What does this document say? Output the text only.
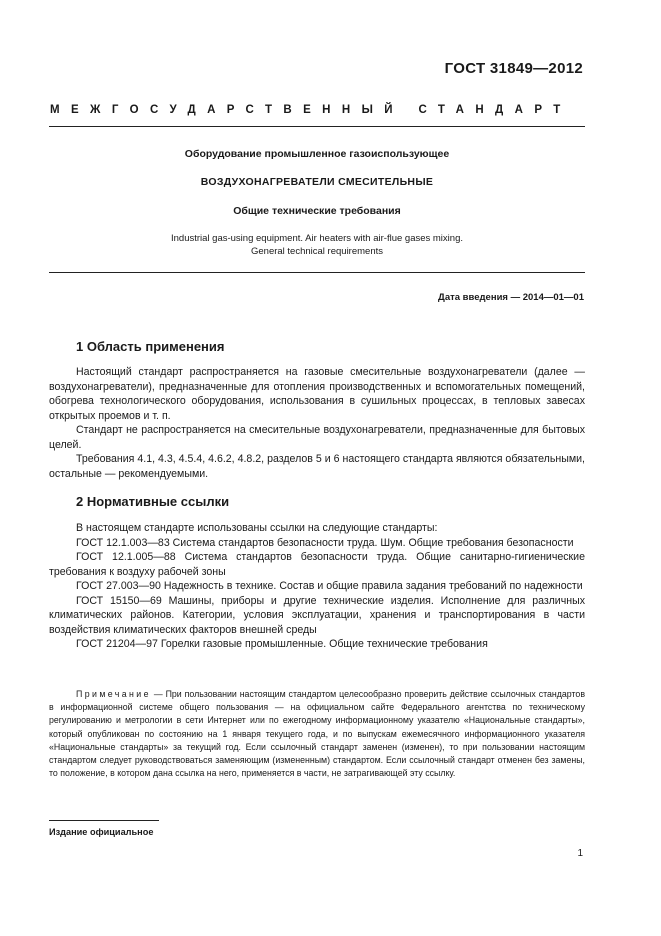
ГОСТ 31849—2012
МЕЖГОСУДАРСТВЕННЫЙ СТАНДАРТ
Оборудование промышленное газоиспользующее
ВОЗДУХОНАГРЕВАТЕЛИ СМЕСИТЕЛЬНЫЕ
Общие технические требования
Industrial gas-using equipment. Air heaters with air-flue gases mixing.
General technical requirements
Дата введения — 2014—01—01
1 Область применения

Настоящий стандарт распространяется на газовые смесительные воздухонагреватели (далее — воздухонагреватели), предназначенные для отопления производственных и вспомогательных помещений, обогрева технологического оборудования, использования в сушильных процессах, в тепловых завесах открытых проемов и т. п.

Стандарт не распространяется на смесительные воздухонагреватели, предназначенные для бытовых целей.

Требования 4.1, 4.3, 4.5.4, 4.6.2, 4.8.2, разделов 5 и 6 настоящего стандарта являются обязательными, остальные — рекомендуемыми.

2 Нормативные ссылки

В настоящем стандарте использованы ссылки на следующие стандарты:

ГОСТ 12.1.003—83 Система стандартов безопасности труда. Шум. Общие требования безопасности

ГОСТ 12.1.005—88 Система стандартов безопасности труда. Общие санитарно-гигиенические требования к воздуху рабочей зоны

ГОСТ 27.003—90 Надежность в технике. Состав и общие правила задания требований по надежности

ГОСТ 15150—69 Машины, приборы и другие технические изделия. Исполнение для различных климатических районов. Категории, условия эксплуатации, хранения и транспортирования в части воздействия климатических факторов внешней среды

ГОСТ 21204—97 Горелки газовые промышленные. Общие технические требования

Примечание — При пользовании настоящим стандартом целесообразно проверить действие ссылочных стандартов в информационной системе общего пользования — на официальном сайте Федерального агентства по техническому регулированию и метрологии в сети Интернет или по ежегодному информационному указателю «Национальные стандарты», который опубликован по состоянию на 1 января текущего года, и по выпускам ежемесячного информационного указателя «Национальные стандарты» за текущий год. Если ссылочный стандарт заменен (изменен), то при пользовании настоящим стандартом следует руководствоваться заменяющим (измененным) стандартом. Если ссылочный стандарт отменен без замены, то положение, в котором дана ссылка на него, применяется в части, не затрагивающей эту ссылку.

Издание официальное
1
